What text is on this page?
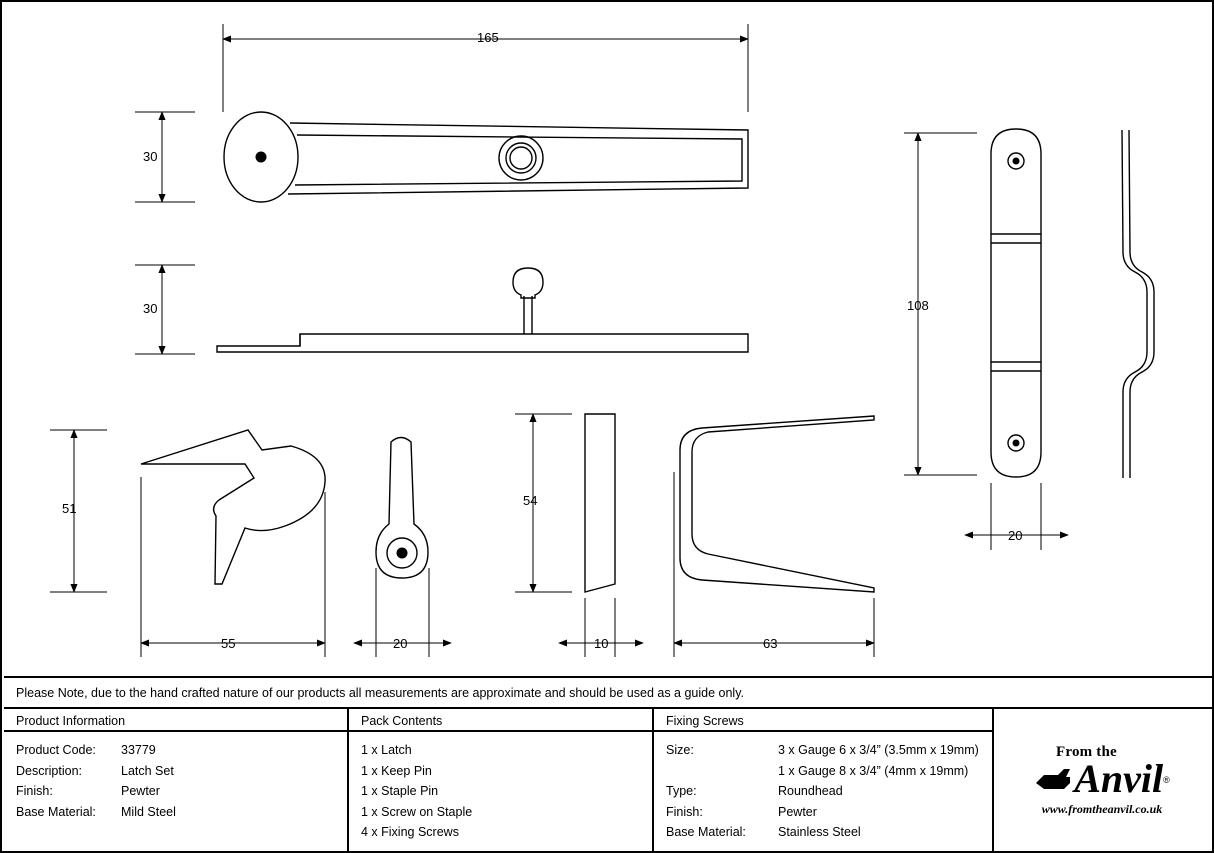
165
30
30
51
55	20
54
10	63
108
20
Please Note, due to the hand crafted nature of our products all measurements are approximate and should be used as a guide only.
Product Information
Product Code:	33779
Description:	Latch Set
Finish:	Pewter
Base Material:	Mild Steel
Pack Contents
1 x Latch
1 x Keep Pin
1 x Staple Pin
1 x Screw on Staple
4 x Fixing Screws
Fixing Screws
Size:	3 x Gauge 6 x 3/4” (3.5mm x 19mm)
1 x Gauge 8 x 3/4” (4mm x 19mm)
Type:	Roundhead
Finish:	Pewter
Base Material:	Stainless Steel
From the
Anvil ®
www.fromtheanvil.co.uk
